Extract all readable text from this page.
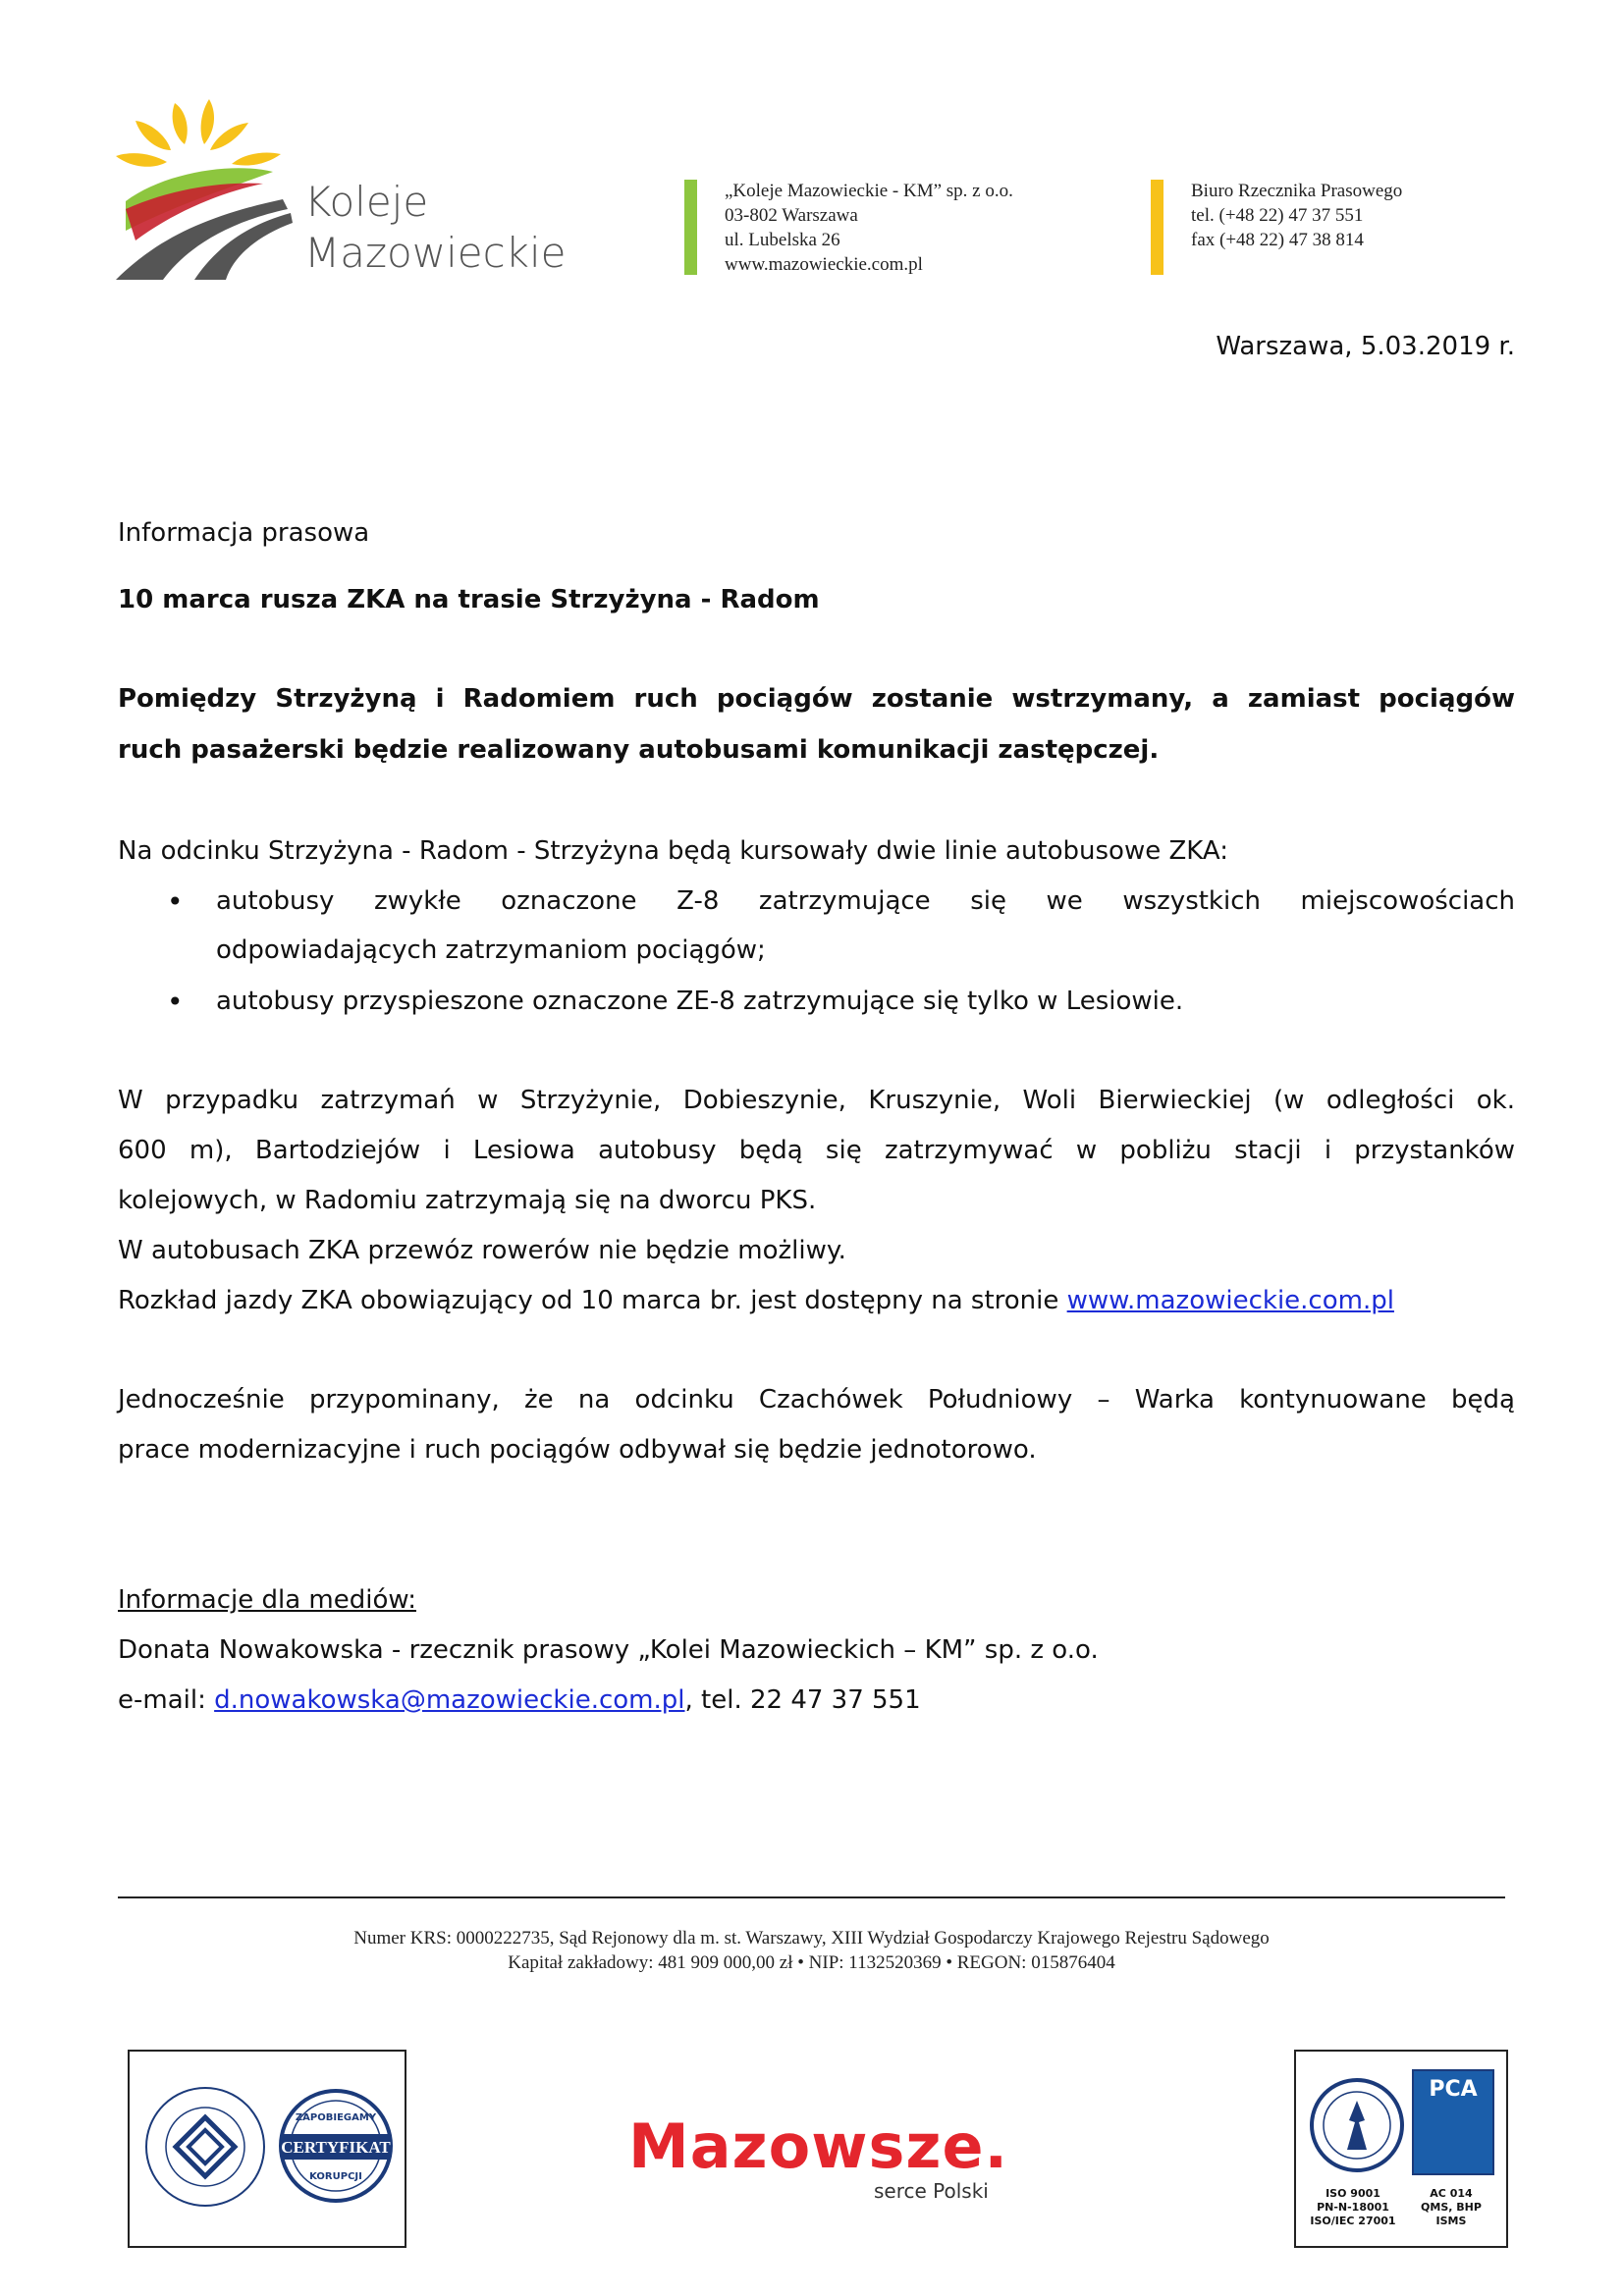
Koleje
Mazowieckie
„Koleje Mazowieckie - KM” sp. z o.o.
03-802 Warszawa
ul. Lubelska 26
www.mazowieckie.com.pl
Biuro Rzecznika Prasowego
tel. (+48 22) 47 37 551
fax (+48 22) 47 38 814
Warszawa, 5.03.2019 r.
Informacja prasowa
10 marca rusza ZKA na trasie Strzyżyna - Radom
Pomiędzy Strzyżyną i Radomiem ruch pociągów zostanie wstrzymany, a zamiast pociągów
ruch pasażerski będzie realizowany autobusami komunikacji zastępczej.
Na odcinku Strzyżyna - Radom - Strzyżyna będą kursowały dwie linie autobusowe ZKA:
• autobusy zwykłe oznaczone Z-8 zatrzymujące się we wszystkich miejscowościach
odpowiadających zatrzymaniom pociągów;
• autobusy przyspieszone oznaczone ZE-8 zatrzymujące się tylko w Lesiowie.
W przypadku zatrzymań w Strzyżynie, Dobieszynie, Kruszynie, Woli Bierwieckiej (w odległości ok.
600 m), Bartodziejów i Lesiowa autobusy będą się zatrzymywać w pobliżu stacji i przystanków
kolejowych, w Radomiu zatrzymają się na dworcu PKS.
W autobusach ZKA przewóz rowerów nie będzie możliwy.
Rozkład jazdy ZKA obowiązujący od 10 marca br. jest dostępny na stronie www.mazowieckie.com.pl
Jednocześnie przypominany, że na odcinku Czachówek Południowy – Warka kontynuowane będą
prace modernizacyjne i ruch pociągów odbywał się będzie jednotorowo.
Informacje dla mediów:
Donata Nowakowska - rzecznik prasowy „Kolei Mazowieckich – KM” sp. z o.o.
e-mail: d.nowakowska@mazowieckie.com.pl, tel. 22 47 37 551
Numer KRS: 0000222735, Sąd Rejonowy dla m. st. Warszawy, XIII Wydział Gospodarczy Krajowego Rejestru Sądowego
Kapitał zakładowy: 481 909 000,00 zł • NIP: 1132520369 • REGON: 015876404
ZAPOBIEGAMY
CERTYFIKAT
KORUPCJI	Mazowsze.
serce Polski	ISO 9001
PN-N-18001
ISO/IEC 27001
PCA
AC 014
QMS, BHP
ISMS
